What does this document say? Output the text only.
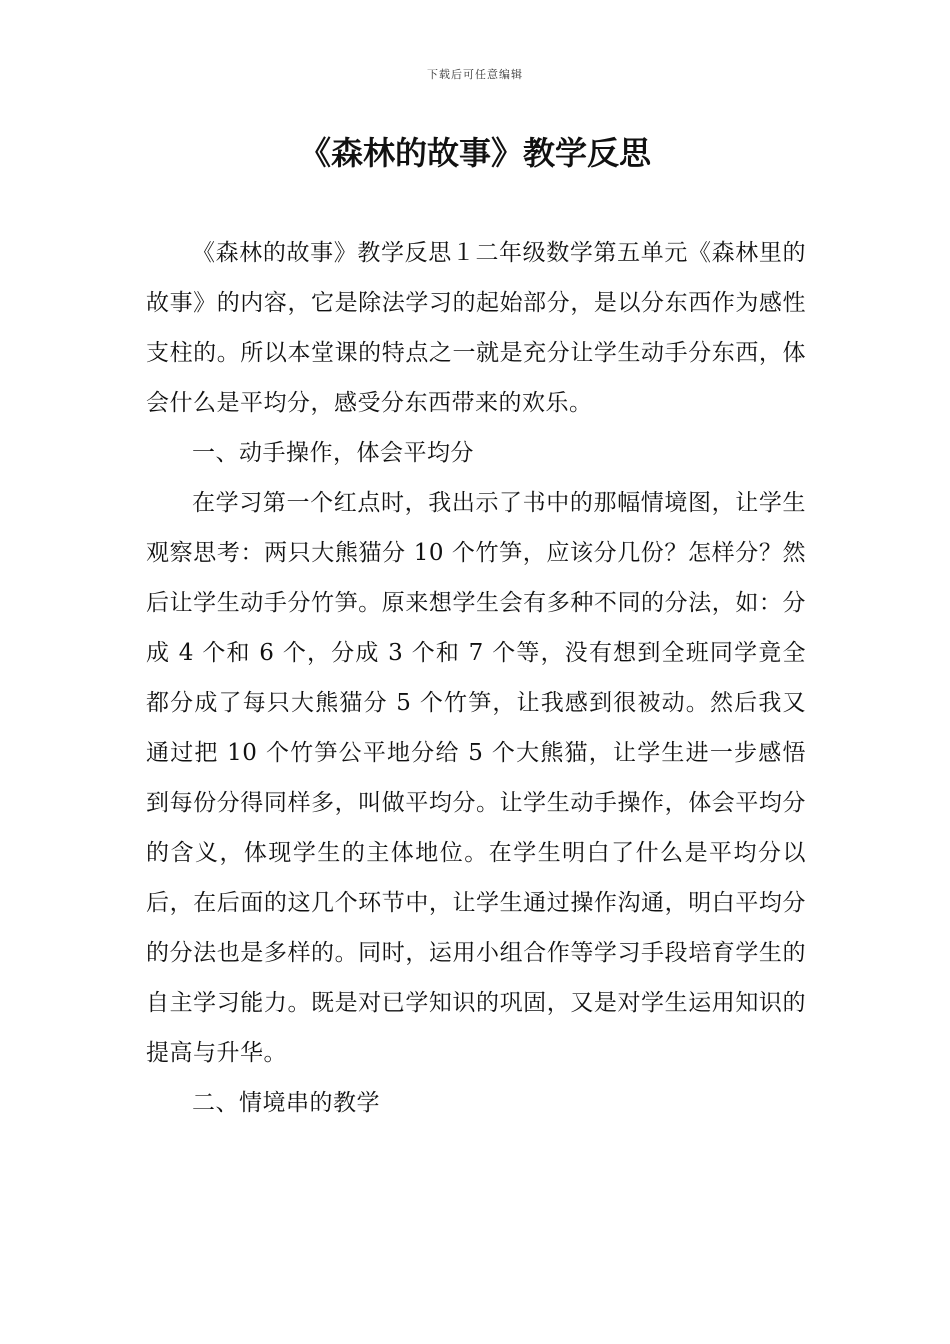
下载后可任意编辑
《森林的故事》教学反思

《森林的故事》教学反思１二年级数学第五单元《森林里的故事》的内容，它是除法学习的起始部分，是以分东西作为感性支柱的。所以本堂课的特点之一就是充分让学生动手分东西，体会什么是平均分，感受分东西带来的欢乐。

一、动手操作，体会平均分

在学习第一个红点时，我出示了书中的那幅情境图，让学生观察思考：两只大熊猫分 10 个竹笋，应该分几份？怎样分？然后让学生动手分竹笋。原来想学生会有多种不同的分法，如：分成 4 个和 6 个，分成 3 个和 7 个等，没有想到全班同学竟全都分成了每只大熊猫分 5 个竹笋，让我感到很被动。然后我又通过把 10 个竹笋公平地分给 5 个大熊猫，让学生进一步感悟到每份分得同样多，叫做平均分。让学生动手操作，体会平均分的含义，体现学生的主体地位。在学生明白了什么是平均分以后，在后面的这几个环节中，让学生通过操作沟通，明白平均分的分法也是多样的。同时，运用小组合作等学习手段培育学生的自主学习能力。既是对已学知识的巩固，又是对学生运用知识的提高与升华。

二、情境串的教学
